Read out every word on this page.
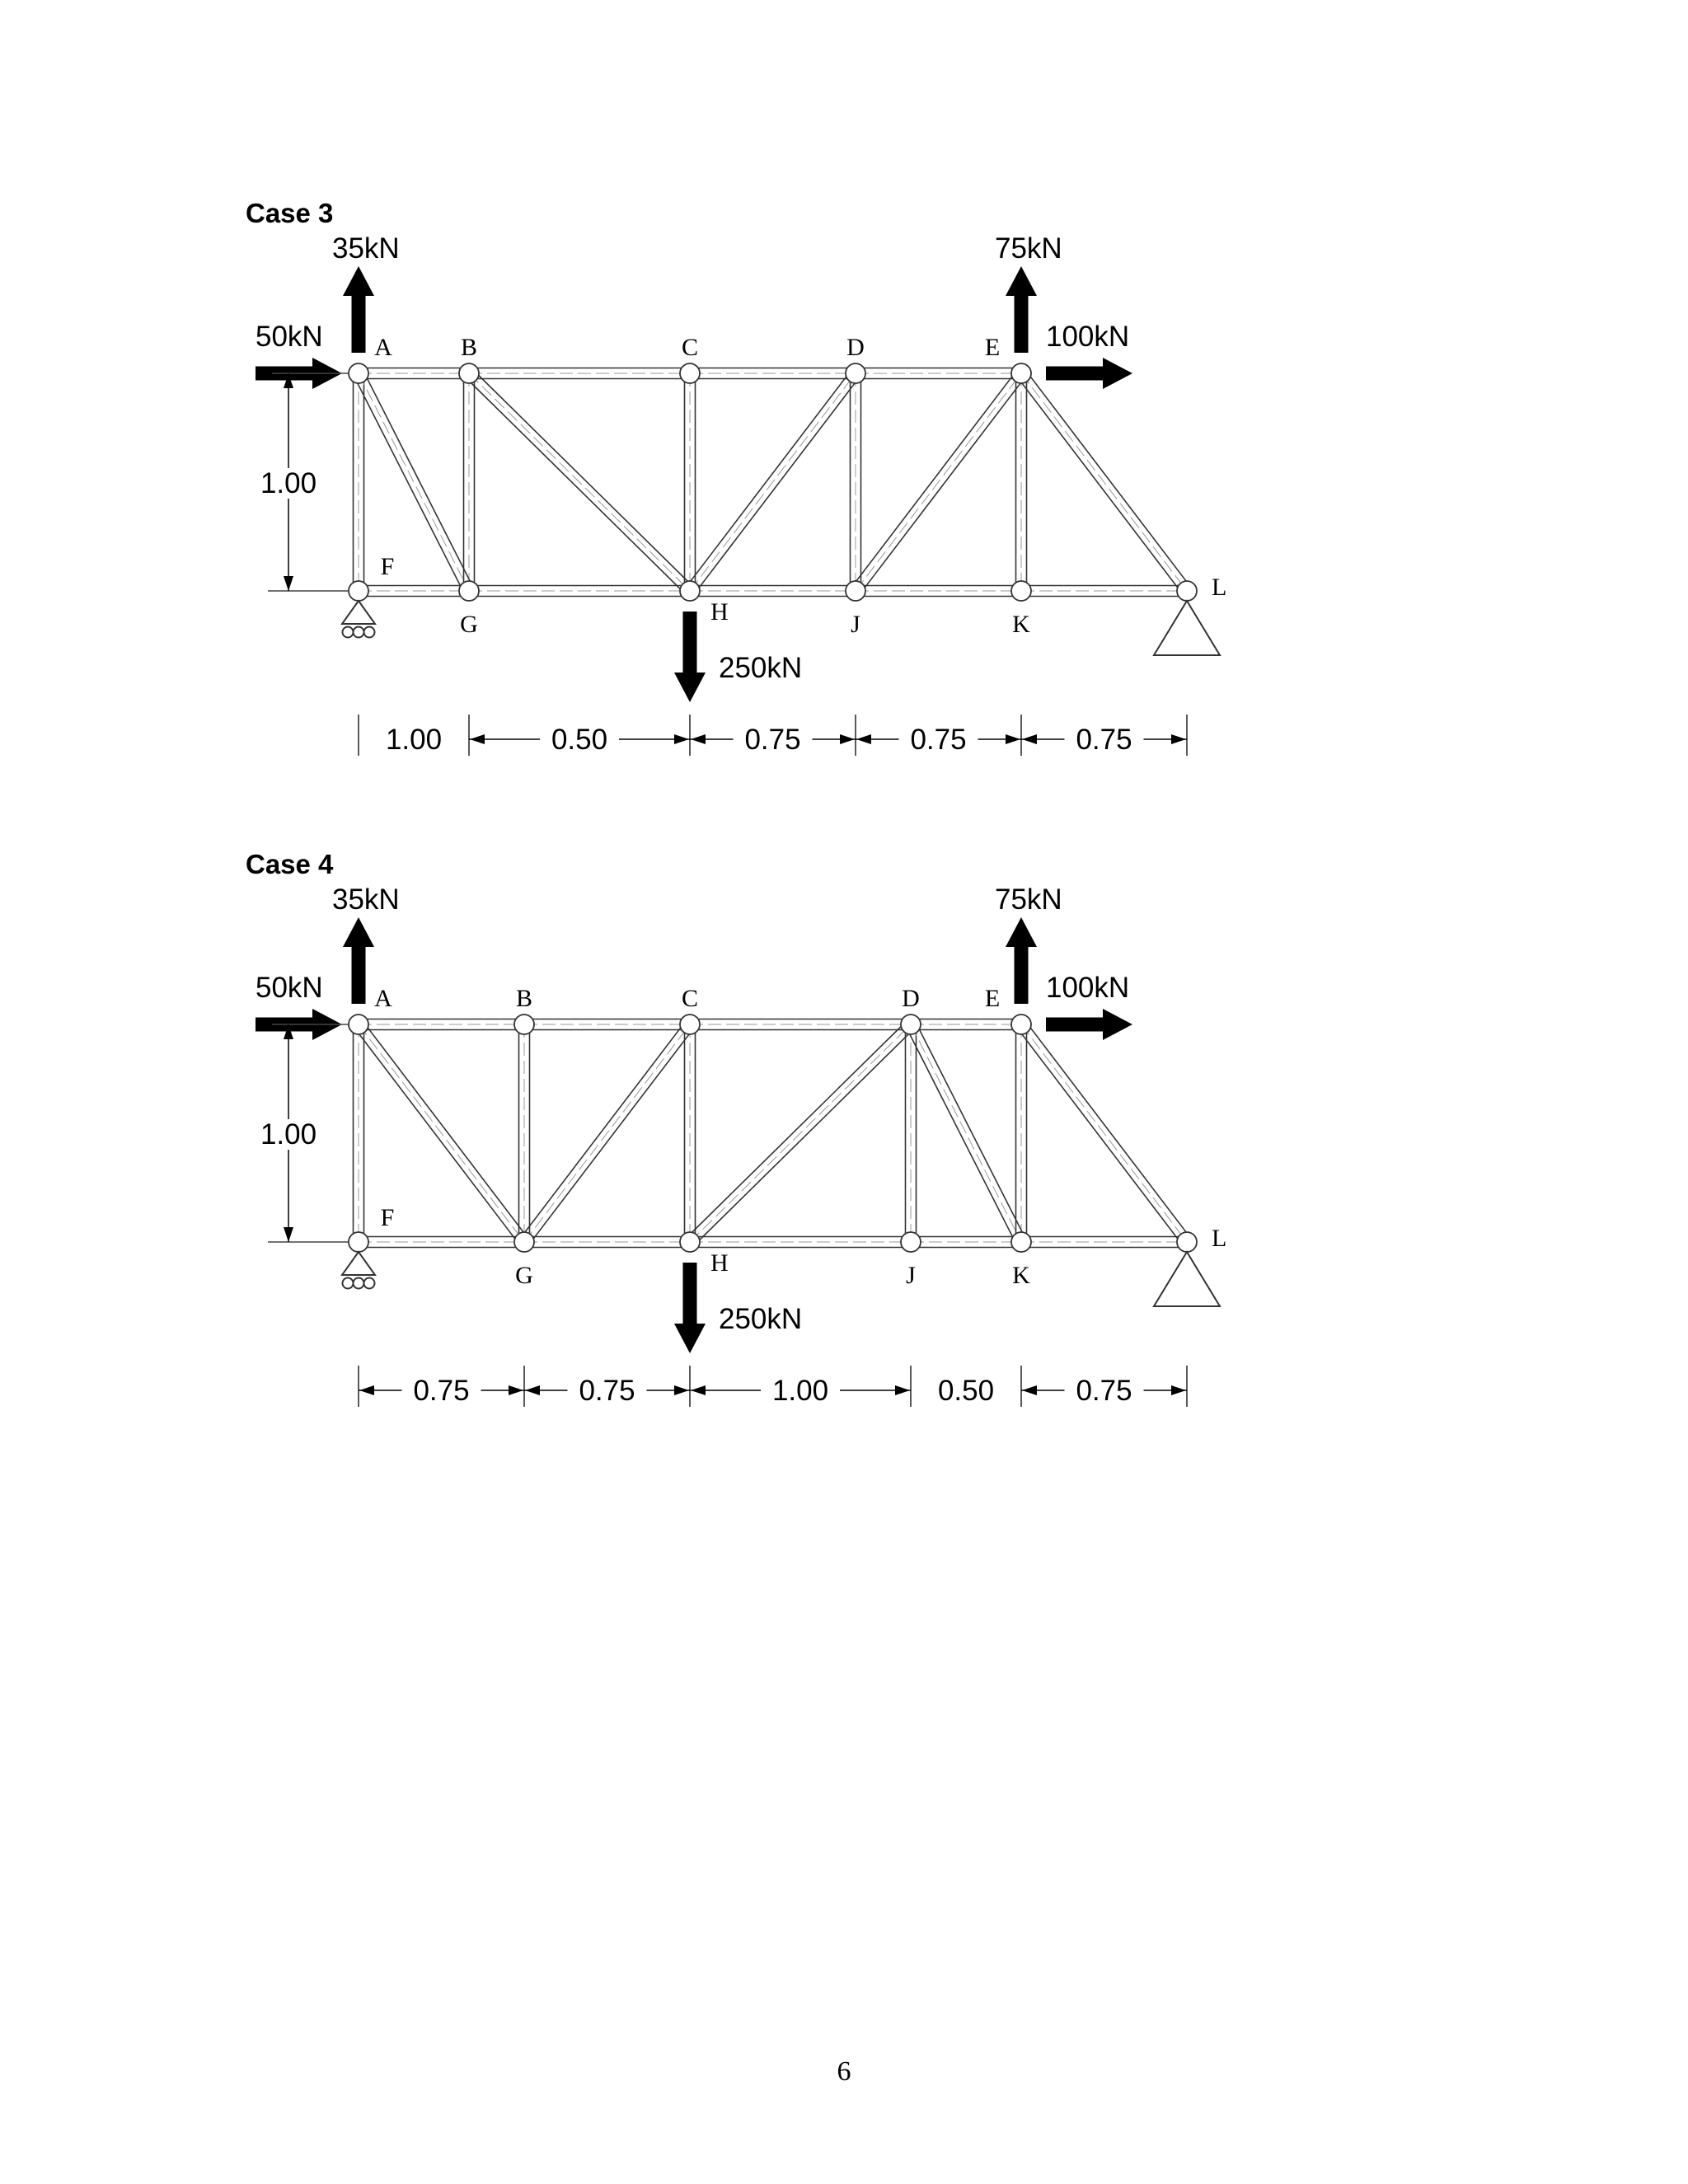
Case 3
A	B	C	D	E
F
G	H	J	K
L
35kN
50kN
75kN
100kN
250kN
1.00
1.00	0.50	0.75	0.75	0.75
Case 4
A	B	C	D	E
F
G	H	J	K
L
35kN
50kN
75kN
100kN
250kN
1.00
0.75	0.75	1.00	0.50	0.75
6
